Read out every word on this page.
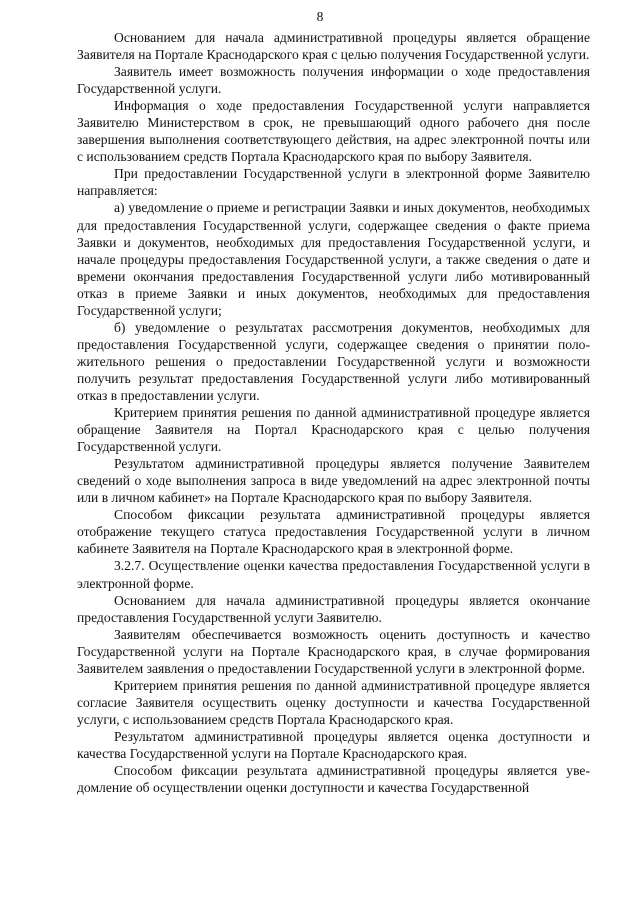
8

Основанием для начала административной процедуры является обращение Заявителя на Портале Краснодарского края с целью получения Государственной услуги.

Заявитель имеет возможность получения информации о ходе предоставления Государственной услуги.

Информация о ходе предоставления Государственной услуги направляется Заявителю Министерством в срок, не превышающий одного рабочего дня после завершения выполнения соответствующего действия, на адрес электронной почты или с использованием средств Портала Краснодарского края по выбору Заявителя.

При предоставлении Государственной услуги в электронной форме Заявителю направляется:

а) уведомление о приеме и регистрации Заявки и иных документов, необходимых для предоставления Государственной услуги, содержащее сведения о факте приема Заявки и документов, необходимых для предоставления Государственной услуги, и начале процедуры предоставления Государственной услуги, а также сведения о дате и времени окончания предоставления Государственной услуги либо мотивированный отказ в приеме Заявки и иных документов, необходимых для предоставления Государственной услуги;

б) уведомление о результатах рассмотрения документов, необходимых для предоставления Государственной услуги, содержащее сведения о принятии положительного решения о предоставлении Государственной услуги и возможности получить результат предоставления Государственной услуги либо мотивированный отказ в предоставлении услуги.

Критерием принятия решения по данной административной процедуре является обращение Заявителя на Портал Краснодарского края с целью получения Государственной услуги.

Результатом административной процедуры является получение Заявителем сведений о ходе выполнения запроса в виде уведомлений на адрес электронной почты или в личном кабинет» на Портале Краснодарского края по выбору Заявителя.

Способом фиксации результата административной процедуры является отображение текущего статуса предоставления Государственной услуги в личном кабинете Заявителя на Портале Краснодарского края в электронной форме.

3.2.7. Осуществление оценки качества предоставления Государственной услуги в электронной форме.

Основанием для начала административной процедуры является окончание предоставления Государственной услуги Заявителю.

Заявителям обеспечивается возможность оценить доступность и качество Государственной услуги на Портале Краснодарского края, в случае формирования Заявителем заявления о предоставлении Государственной услуги в электронной форме.

Критерием принятия решения по данной административной процедуре является согласие Заявителя осуществить оценку доступности и качества Государственной услуги, с использованием средств Портала Краснодарского края.

Результатом административной процедуры является оценка доступности и качества Государственной услуги на Портале Краснодарского края.

Способом фиксации результата административной процедуры является уведомление об осуществлении оценки доступности и качества Государственной
